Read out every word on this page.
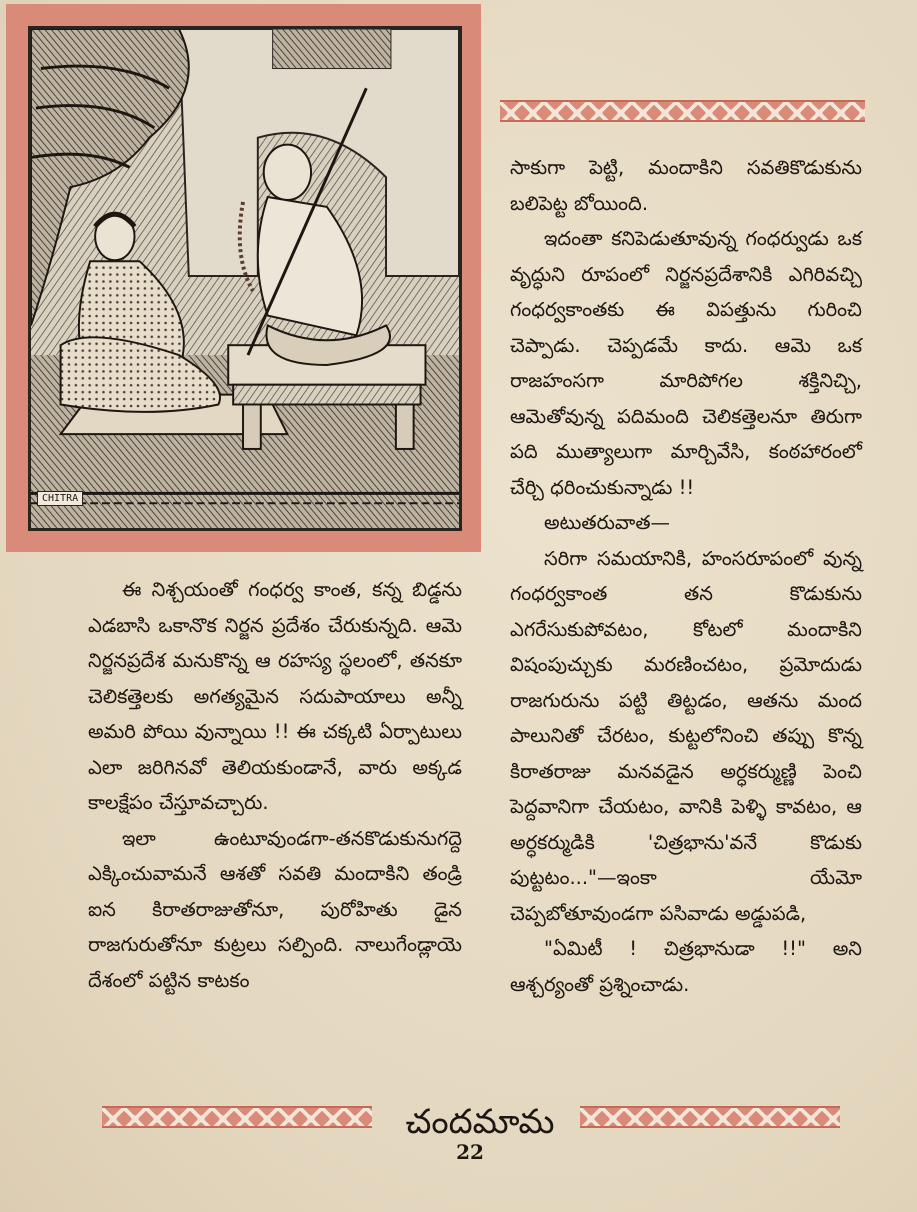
CHITRA

సాకుగా పెట్టి, మందాకిని సవతికొడుకును బలిపెట్ట బోయింది.

ఇదంతా కనిపెడుతూవున్న గంధర్వుడు ఒక వృద్ధుని రూపంలో నిర్జనప్రదేశానికి ఎగిరివచ్చి గంధర్వకాంతకు ఈ విపత్తును గురించి చెప్పాడు. చెప్పడమే కాదు. ఆమె ఒక రాజహంసగా మారిపోగల శక్తినిచ్చి, ఆమెతోవున్న పదిమంది చెలికత్తెలనూ తిరుగా పది ముత్యాలుగా మార్చివేసి, కంఠహారంలో చేర్చి ధరించుకున్నాడు !!

అటుతరువాత—

సరిగా సమయానికి, హంసరూపంలో వున్న గంధర్వకాంత తన కొడుకును ఎగరేసుకుపోవటం, కోటలో మందాకిని విషంపుచ్చుకు మరణించటం, ప్రమోదుడు రాజగురును పట్టి తిట్టడం, ఆతను మంద పాలునితో చేరటం, కుట్టలోనించి తప్పు కొన్న కిరాతరాజు మనవడైన అర్ధకర్ముణ్ణి పెంచి పెద్దవానిగా చేయటం, వానికి పెళ్ళి కావటం, ఆ అర్ధకర్ముడికి 'చిత్రభాను'వనే కొడుకు పుట్టటం..."—ఇంకా యేమో చెప్పబోతూవుండగా పసివాడు అడ్డుపడి,

"ఏమిటీ ! చిత్రభానుడా !!" అని ఆశ్చర్యంతో ప్రశ్నించాడు.

ఈ నిశ్చయంతో గంధర్వ కాంత, కన్న బిడ్డను ఎడబాసి ఒకానొక నిర్జన ప్రదేశం చేరుకున్నది. ఆమె నిర్జనప్రదేశ మనుకొన్న ఆ రహస్య స్థలంలో, తనకూ చెలికత్తెలకు అగత్యమైన సదుపాయాలు అన్నీ అమరి పోయి వున్నాయి !! ఈ చక్కటి ఏర్పాటులు ఎలా జరిగినవో తెలియకుండానే, వారు అక్కడ కాలక్షేపం చేస్తూవచ్చారు.

ఇలా ఉంటూవుండగా-తనకొడుకునుగద్దె ఎక్కించువామనే ఆశతో సవతి మందాకిని తండ్రి ఐన కిరాతరాజుతోనూ, పురోహితు డైన రాజగురుతోనూ కుట్రలు సల్పింది. నాలుగేండ్లాయె దేశంలో పట్టిన కాటకం

చందమామ
22
